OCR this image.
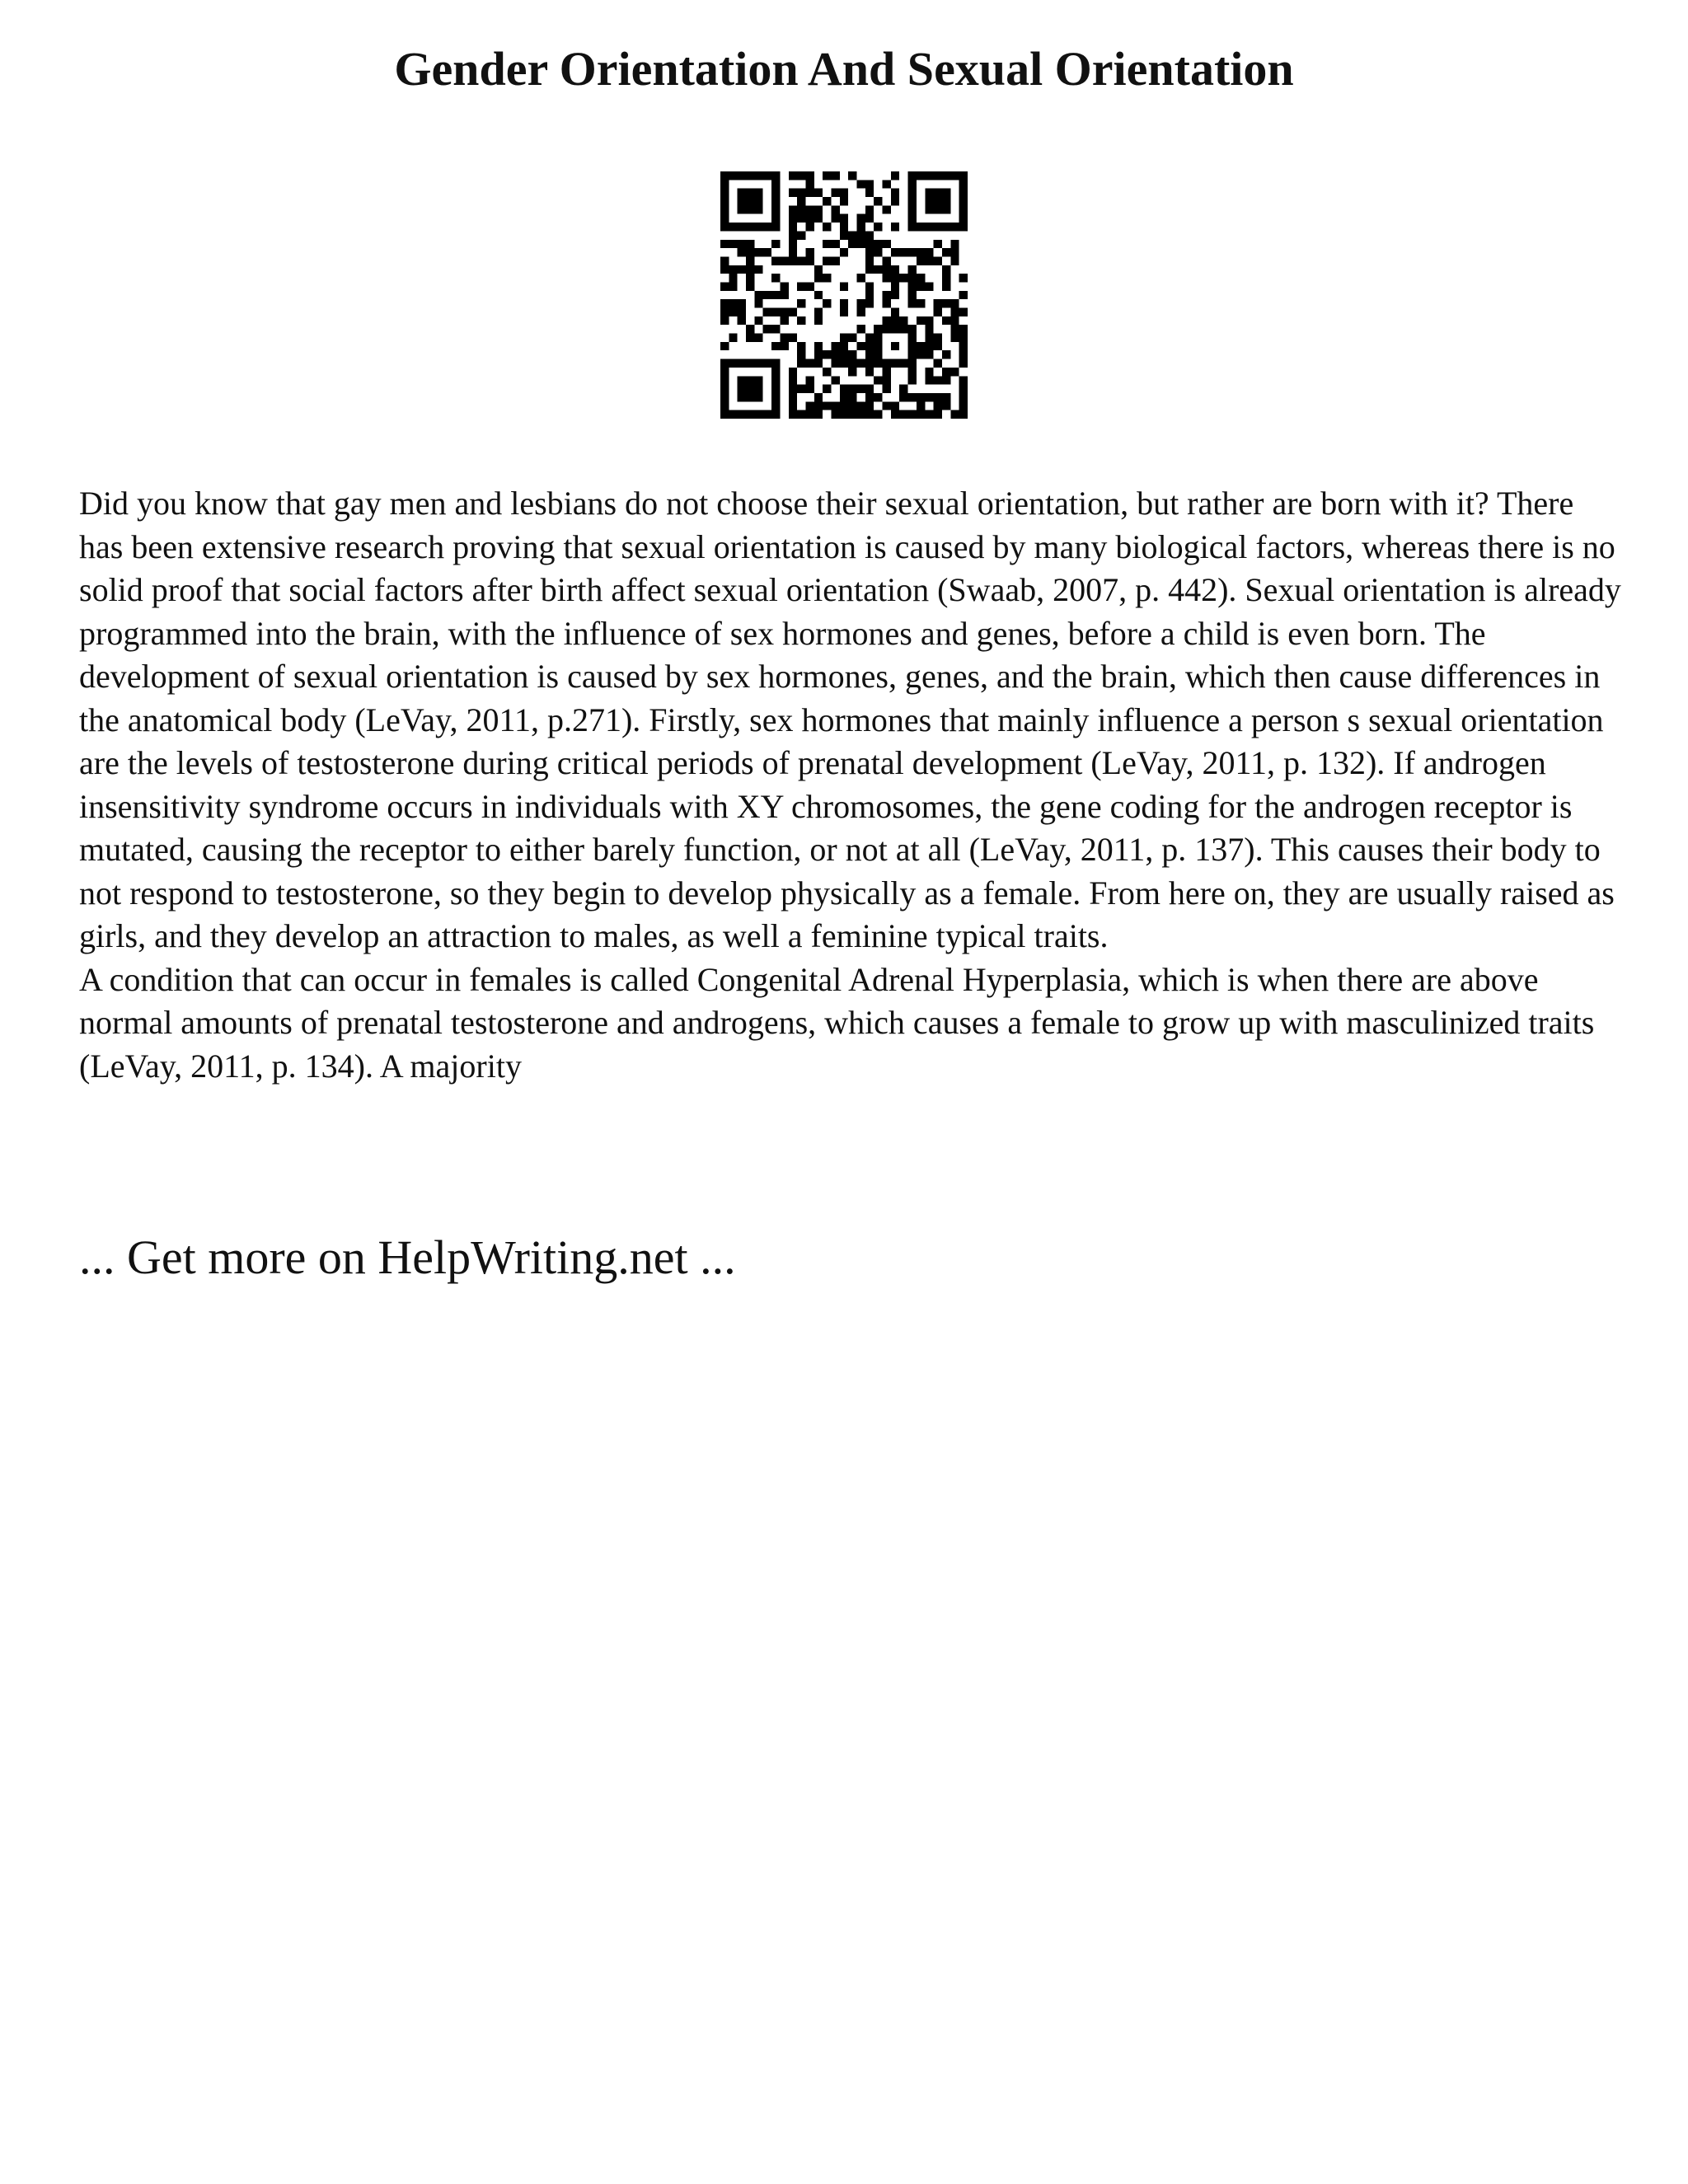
Gender Orientation And Sexual Orientation

Did you know that gay men and lesbians do not choose their sexual orientation, but rather are born with it? There has been extensive research proving that sexual orientation is caused by many biological factors, whereas there is no solid proof that social factors after birth affect sexual orientation (Swaab, 2007, p. 442). Sexual orientation is already programmed into the brain, with the influence of sex hormones and genes, before a child is even born. The development of sexual orientation is caused by sex hormones, genes, and the brain, which then cause differences in the anatomical body (LeVay, 2011, p.271). Firstly, sex hormones that mainly influence a person s sexual orientation are the levels of testosterone during critical periods of prenatal development (LeVay, 2011, p. 132). If androgen insensitivity syndrome occurs in individuals with XY chromosomes, the gene coding for the androgen receptor is mutated, causing the receptor to either barely function, or not at all (LeVay, 2011, p. 137). This causes their body to not respond to testosterone, so they begin to develop physically as a female. From here on, they are usually raised as girls, and they develop an attraction to males, as well a feminine typical traits.

A condition that can occur in females is called Congenital Adrenal Hyperplasia, which is when there are above normal amounts of prenatal testosterone and androgens, which causes a female to grow up with masculinized traits (LeVay, 2011, p. 134). A majority

... Get more on HelpWriting.net ...
